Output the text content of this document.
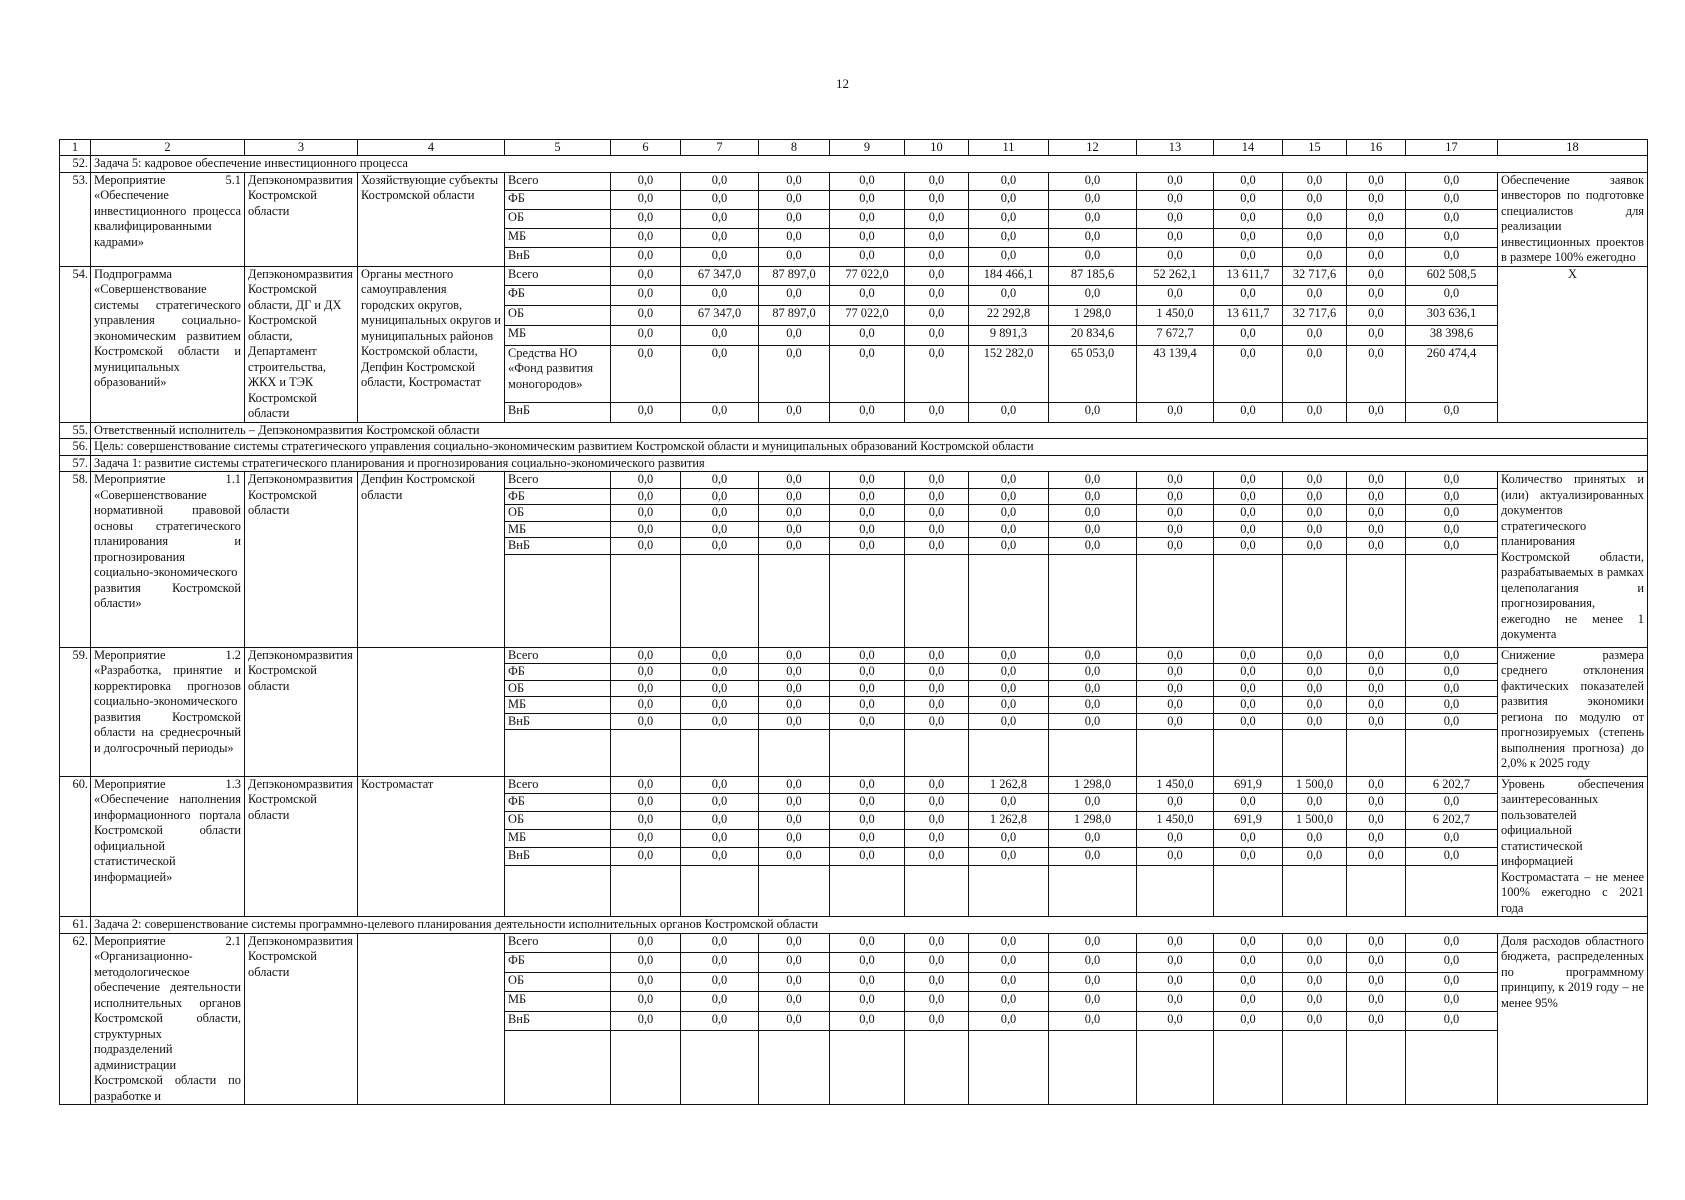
12
1	2	3	4	5	6	7	8	9	10	11	12	13	14	15	16	17	18
52.	Задача 5: кадровое обеспечение инвестиционного процесса																
53.	Мероприятие 5.1 «Обеспечение инвестиционного процесса квалифицированными кадрами»	Депэкономразвития Костромской области	Хозяйствующие субъекты Костромской области	Всего	0,0	0,0	0,0	0,0	0,0	0,0	0,0	0,0	0,0	0,0	0,0	0,0	Обеспечение заявок инвесторов по подготовке специалистов для реализации инвестиционных проектов в размере 100% ежегодно
				ФБ	0,0	0,0	0,0	0,0	0,0	0,0	0,0	0,0	0,0	0,0	0,0	0,0	
				ОБ	0,0	0,0	0,0	0,0	0,0	0,0	0,0	0,0	0,0	0,0	0,0	0,0	
				МБ	0,0	0,0	0,0	0,0	0,0	0,0	0,0	0,0	0,0	0,0	0,0	0,0	
				ВнБ	0,0	0,0	0,0	0,0	0,0	0,0	0,0	0,0	0,0	0,0	0,0	0,0	
54.	Подпрограмма «Совершенствование системы стратегического управления социально-экономическим развитием Костромской области и муниципальных образований»	Депэкономразвития Костромской области, ДГ и ДХ Костромской области, Департамент строительства, ЖКХ и ТЭК Костромской области	Органы местного самоуправления городских округов, муниципальных округов и муниципальных районов Костромской области, Депфин Костромской области, Костромастат	Всего	0,0	67 347,0	87 897,0	77 022,0	0,0	184 466,1	87 185,6	52 262,1	13 611,7	32 717,6	0,0	602 508,5	Х
				ФБ	0,0	0,0	0,0	0,0	0,0	0,0	0,0	0,0	0,0	0,0	0,0	0,0	
				ОБ	0,0	67 347,0	87 897,0	77 022,0	0,0	22 292,8	1 298,0	1 450,0	13 611,7	32 717,6	0,0	303 636,1	
				МБ	0,0	0,0	0,0	0,0	0,0	9 891,3	20 834,6	7 672,7	0,0	0,0	0,0	38 398,6	
				Средства НО «Фонд развития моногородов»	0,0	0,0	0,0	0,0	0,0	152 282,0	65 053,0	43 139,4	0,0	0,0	0,0	260 474,4	
				ВнБ	0,0	0,0	0,0	0,0	0,0	0,0	0,0	0,0	0,0	0,0	0,0	0,0	
55.	Ответственный исполнитель – Депэкономразвития Костромской области																
56.	Цель: совершенствование системы стратегического управления социально-экономическим развитием Костромской области и муниципальных образований Костромской области																
57.	Задача 1: развитие системы стратегического планирования и прогнозирования социально-экономического развития																
58.	Мероприятие 1.1 «Совершенствование нормативной правовой основы стратегического планирования и прогнозирования социально-экономического развития Костромской области»	Депэкономразвития Костромской области	Депфин Костромской области	Всего	0,0	0,0	0,0	0,0	0,0	0,0	0,0	0,0	0,0	0,0	0,0	0,0	Количество принятых и (или) актуализированных документов стратегического планирования Костромской области, разрабатываемых в рамках целеполагания и прогнозирования, ежегодно не менее 1 документа
				ФБ	0,0	0,0	0,0	0,0	0,0	0,0	0,0	0,0	0,0	0,0	0,0	0,0	
				ОБ	0,0	0,0	0,0	0,0	0,0	0,0	0,0	0,0	0,0	0,0	0,0	0,0	
				МБ	0,0	0,0	0,0	0,0	0,0	0,0	0,0	0,0	0,0	0,0	0,0	0,0	
				ВнБ	0,0	0,0	0,0	0,0	0,0	0,0	0,0	0,0	0,0	0,0	0,0	0,0	

59.	Мероприятие 1.2 «Разработка, принятие и корректировка прогнозов социально-экономического развития Костромской области на среднесрочный и долгосрочный периоды»	Депэкономразвития Костромской области		Всего	0,0	0,0	0,0	0,0	0,0	0,0	0,0	0,0	0,0	0,0	0,0	0,0	Снижение размера среднего отклонения фактических показателей развития экономики региона по модулю от прогнозируемых (степень выполнения прогноза) до 2,0% к 2025 году
				ФБ	0,0	0,0	0,0	0,0	0,0	0,0	0,0	0,0	0,0	0,0	0,0	0,0	
				ОБ	0,0	0,0	0,0	0,0	0,0	0,0	0,0	0,0	0,0	0,0	0,0	0,0	
				МБ	0,0	0,0	0,0	0,0	0,0	0,0	0,0	0,0	0,0	0,0	0,0	0,0	
				ВнБ	0,0	0,0	0,0	0,0	0,0	0,0	0,0	0,0	0,0	0,0	0,0	0,0	

60.	Мероприятие 1.3 «Обеспечение наполнения информационного портала Костромской области официальной статистической информацией»	Депэкономразвития Костромской области	Костромастат	Всего	0,0	0,0	0,0	0,0	0,0	1 262,8	1 298,0	1 450,0	691,9	1 500,0	0,0	6 202,7	Уровень обеспечения заинтересованных пользователей официальной статистической информацией Костромастата – не менее 100% ежегодно с 2021 года
				ФБ	0,0	0,0	0,0	0,0	0,0	0,0	0,0	0,0	0,0	0,0	0,0	0,0	
				ОБ	0,0	0,0	0,0	0,0	0,0	1 262,8	1 298,0	1 450,0	691,9	1 500,0	0,0	6 202,7	
				МБ	0,0	0,0	0,0	0,0	0,0	0,0	0,0	0,0	0,0	0,0	0,0	0,0	
				ВнБ	0,0	0,0	0,0	0,0	0,0	0,0	0,0	0,0	0,0	0,0	0,0	0,0	

61.	Задача 2: совершенствование системы программно-целевого планирования деятельности исполнительных органов Костромской области																
62.	Мероприятие 2.1 «Организационно-методологическое обеспечение деятельности исполнительных органов Костромской области, структурных подразделений администрации Костромской области по разработке и	Депэкономразвития Костромской области		Всего	0,0	0,0	0,0	0,0	0,0	0,0	0,0	0,0	0,0	0,0	0,0	0,0	Доля расходов областного бюджета, распределенных по программному принципу, к 2019 году – не менее 95%
				ФБ	0,0	0,0	0,0	0,0	0,0	0,0	0,0	0,0	0,0	0,0	0,0	0,0	
				ОБ	0,0	0,0	0,0	0,0	0,0	0,0	0,0	0,0	0,0	0,0	0,0	0,0	
				МБ	0,0	0,0	0,0	0,0	0,0	0,0	0,0	0,0	0,0	0,0	0,0	0,0	
				ВнБ	0,0	0,0	0,0	0,0	0,0	0,0	0,0	0,0	0,0	0,0	0,0	0,0	
